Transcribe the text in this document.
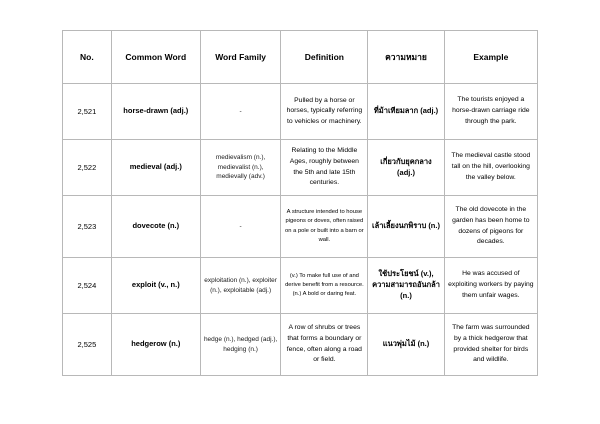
No.	Common Word	Word Family	Definition	ความหมาย	Example
2,521	horse-drawn (adj.)	-	Pulled by a horse or horses, typically referring to vehicles or machinery.	ที่ม้าเทียมลาก (adj.)	The tourists enjoyed a horse-drawn carriage ride through the park.
2,522	medieval (adj.)	medievalism (n.), medievalist (n.), medievally (adv.)	Relating to the Middle Ages, roughly between the 5th and late 15th centuries.	เกี่ยวกับยุคกลาง (adj.)	The medieval castle stood tall on the hill, overlooking the valley below.
2,523	dovecote (n.)	-	A structure intended to house pigeons or doves, often raised on a pole or built into a barn or wall.	เล้าเลี้ยงนกพิราบ (n.)	The old dovecote in the garden has been home to dozens of pigeons for decades.
2,524	exploit (v., n.)	exploitation (n.), exploiter (n.), exploitable (adj.)	(v.) To make full use of and derive benefit from a resource. (n.) A bold or daring feat.	ใช้ประโยชน์ (v.), ความสามารถอันกล้า (n.)	He was accused of exploiting workers by paying them unfair wages.
2,525	hedgerow (n.)	hedge (n.), hedged (adj.), hedging (n.)	A row of shrubs or trees that forms a boundary or fence, often along a road or field.	แนวพุ่มไม้ (n.)	The farm was surrounded by a thick hedgerow that provided shelter for birds and wildlife.
